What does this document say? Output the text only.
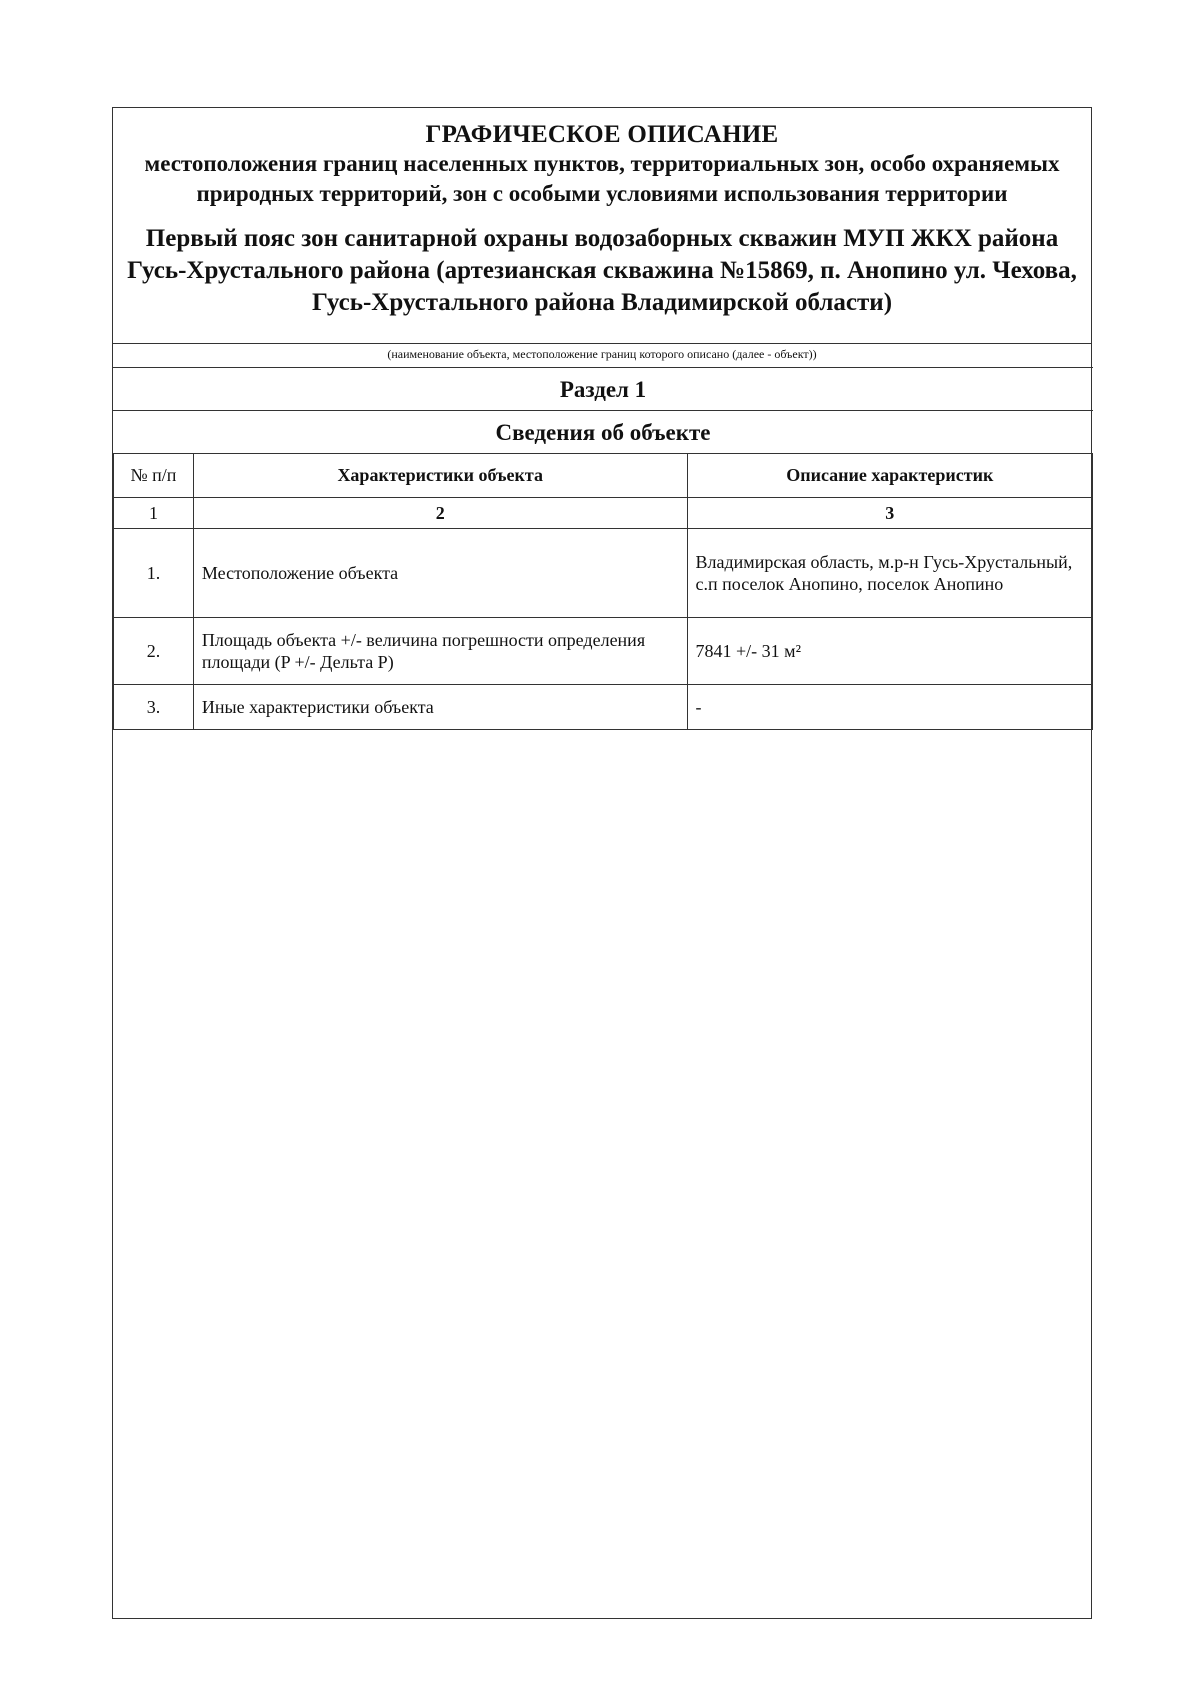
ГРАФИЧЕСКОЕ ОПИСАНИЕ
местоположения границ населенных пунктов, территориальных зон, особо охраняемых природных территорий, зон с особыми условиями использования территории
Первый пояс зон санитарной охраны водозаборных скважин МУП ЖКХ района Гусь-Хрустального района (артезианская скважина №15869, п. Анопино ул. Чехова, Гусь-Хрустального района Владимирской области)
(наименование объекта, местоположение границ которого описано (далее - объект))
Раздел 1
Сведения об объекте
№ п/п	Характеристики объекта	Описание характеристик
1	2	3
1.	Местоположение объекта	Владимирская область, м.р-н Гусь-Хрустальный, с.п поселок Анопино, поселок Анопино
2.	Площадь объекта +/- величина погрешности определения площади (P +/- Дельта P)	7841 +/- 31 м²
3.	Иные характеристики объекта	-
